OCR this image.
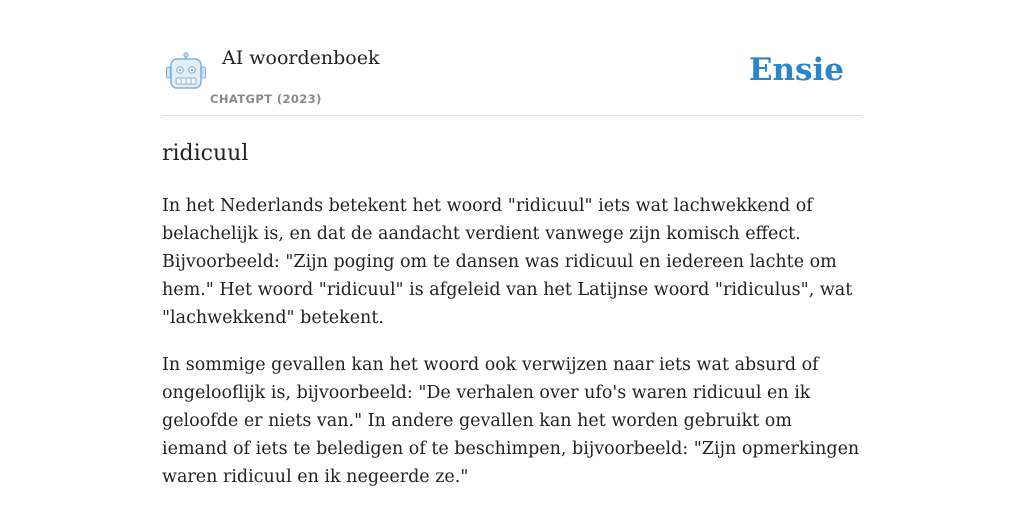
AI woordenboek
CHATGPT (2023)
Ensie
ridicuul

In het Nederlands betekent het woord "ridicuul" iets wat lachwekkend of belachelijk is, en dat de aandacht verdient vanwege zijn komisch effect. Bijvoorbeeld: "Zijn poging om te dansen was ridicuul en iedereen lachte om hem." Het woord "ridicuul" is afgeleid van het Latijnse woord "ridiculus", wat "lachwekkend" betekent.

In sommige gevallen kan het woord ook verwijzen naar iets wat absurd of ongelooflijk is, bijvoorbeeld: "De verhalen over ufo's waren ridicuul en ik geloofde er niets van." In andere gevallen kan het worden gebruikt om iemand of iets te beledigen of te beschimpen, bijvoorbeeld: "Zijn opmerkingen waren ridicuul en ik negeerde ze."
